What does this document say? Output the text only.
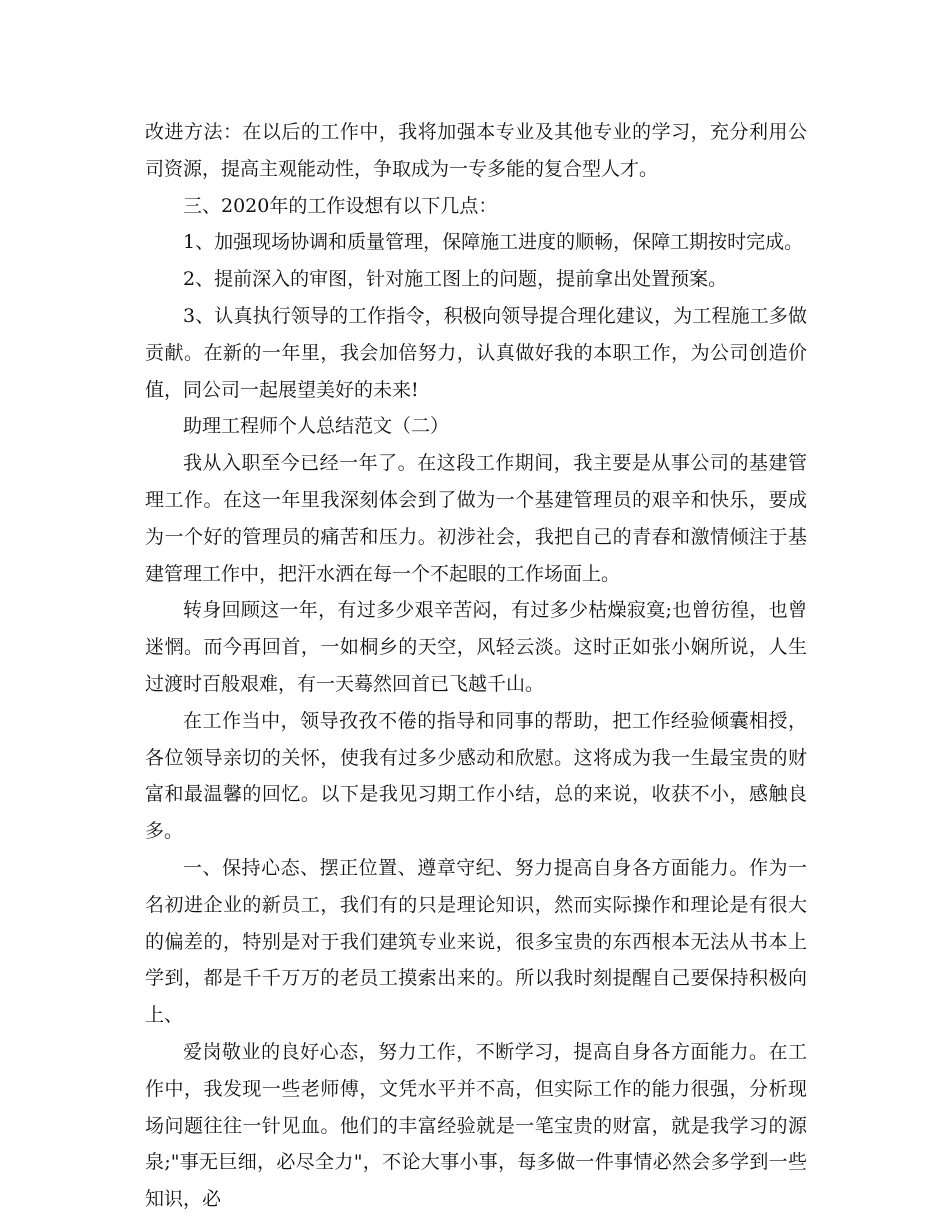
改进方法：在以后的工作中，我将加强本专业及其他专业的学习，充分利用公司资源，提高主观能动性，争取成为一专多能的复合型人才。

三、2020年的工作设想有以下几点：

1、加强现场协调和质量管理，保障施工进度的顺畅，保障工期按时完成。

2、提前深入的审图，针对施工图上的问题，提前拿出处置预案。

3、认真执行领导的工作指令，积极向领导提合理化建议，为工程施工多做贡献。在新的一年里，我会加倍努力，认真做好我的本职工作，为公司创造价值，同公司一起展望美好的未来!

助理工程师个人总结范文（二）

我从入职至今已经一年了。在这段工作期间，我主要是从事公司的基建管理工作。在这一年里我深刻体会到了做为一个基建管理员的艰辛和快乐，要成为一个好的管理员的痛苦和压力。初涉社会，我把自己的青春和激情倾注于基建管理工作中，把汗水洒在每一个不起眼的工作场面上。

转身回顾这一年，有过多少艰辛苦闷，有过多少枯燥寂寞;也曾彷徨，也曾迷惘。而今再回首，一如桐乡的天空，风轻云淡。这时正如张小娴所说，人生过渡时百般艰难，有一天蓦然回首已飞越千山。

在工作当中，领导孜孜不倦的指导和同事的帮助，把工作经验倾囊相授，各位领导亲切的关怀，使我有过多少感动和欣慰。这将成为我一生最宝贵的财富和最温馨的回忆。以下是我见习期工作小结，总的来说，收获不小，感触良多。

一、保持心态、摆正位置、遵章守纪、努力提高自身各方面能力。作为一名初进企业的新员工，我们有的只是理论知识，然而实际操作和理论是有很大的偏差的，特别是对于我们建筑专业来说，很多宝贵的东西根本无法从书本上学到，都是千千万万的老员工摸索出来的。所以我时刻提醒自己要保持积极向上、

爱岗敬业的良好心态，努力工作，不断学习，提高自身各方面能力。在工作中，我发现一些老师傅，文凭水平并不高，但实际工作的能力很强，分析现场问题往往一针见血。他们的丰富经验就是一笔宝贵的财富，就是我学习的源泉;"事无巨细，必尽全力"，不论大事小事，每多做一件事情必然会多学到一些知识，必
